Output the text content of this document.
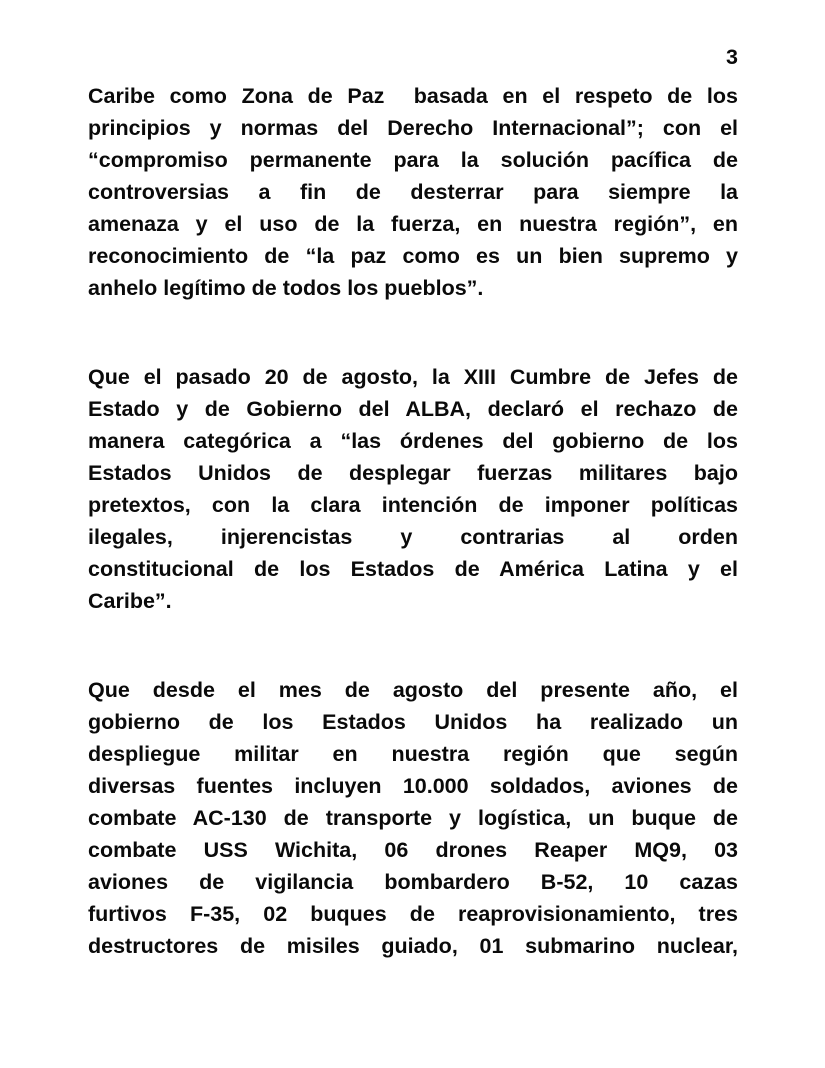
3
Caribe como Zona de Paz  basada en el respeto de los
principios y normas del Derecho Internacional”; con el
“compromiso permanente para la solución pacífica de
controversias a fin de desterrar para siempre la
amenaza y el uso de la fuerza, en nuestra región”, en
reconocimiento de “la paz como es un bien supremo y
anhelo legítimo de todos los pueblos”.
Que el pasado 20 de agosto, la XIII Cumbre de Jefes de
Estado y de Gobierno del ALBA, declaró el rechazo de
manera categórica a “las órdenes del gobierno de los
Estados Unidos de desplegar fuerzas militares bajo
pretextos, con la clara intención de imponer políticas
ilegales, injerencistas y contrarias al orden
constitucional de los Estados de América Latina y el
Caribe”.
Que desde el mes de agosto del presente año, el
gobierno de los Estados Unidos ha realizado un
despliegue militar en nuestra región que según
diversas fuentes incluyen 10.000 soldados, aviones de
combate AC-130 de transporte y logística, un buque de
combate USS Wichita, 06 drones Reaper MQ9, 03
aviones de vigilancia bombardero B-52, 10 cazas
furtivos F-35, 02 buques de reaprovisionamiento, tres
destructores de misiles guiado, 01 submarino nuclear,
